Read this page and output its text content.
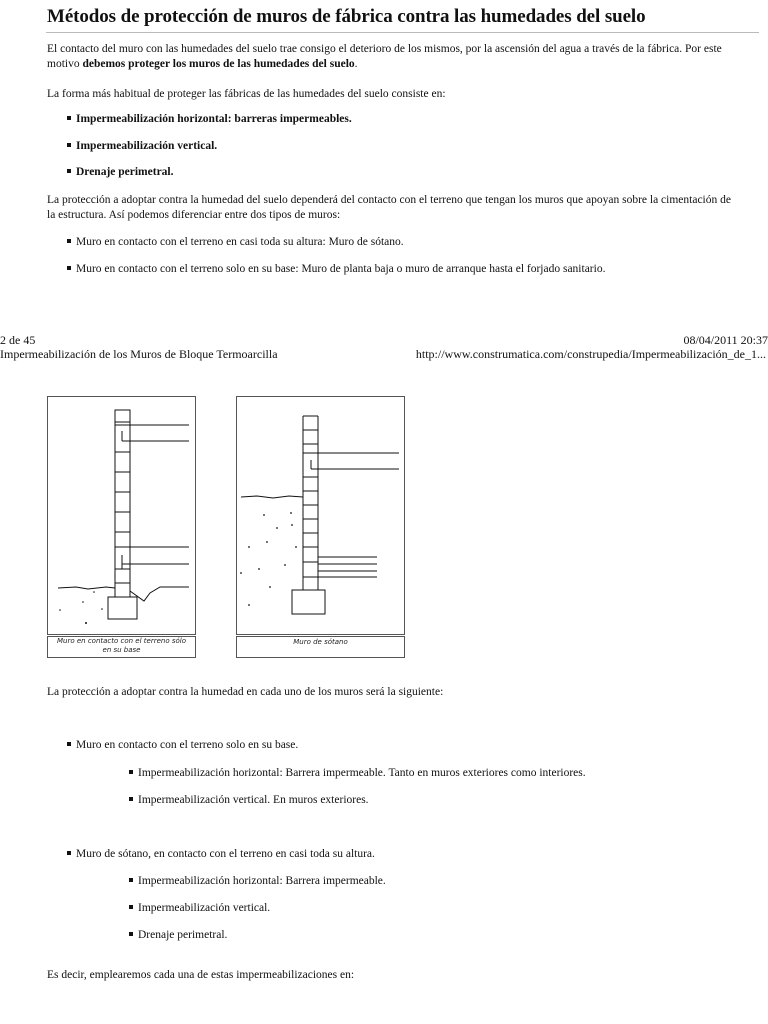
Métodos de protección de muros de fábrica contra las humedades del suelo

El contacto del muro con las humedades del suelo trae consigo el deterioro de los mismos, por la ascensión del agua a través de la fábrica. Por este motivo debemos proteger los muros de las humedades del suelo.

La forma más habitual de proteger las fábricas de las humedades del suelo consiste en:

Impermeabilización horizontal: barreras impermeables.
Impermeabilización vertical.
Drenaje perimetral.

La protección a adoptar contra la humedad del suelo dependerá del contacto con el terreno que tengan los muros que apoyan sobre la cimentación de la estructura. Así podemos diferenciar entre dos tipos de muros:

Muro en contacto con el terreno en casi toda su altura: Muro de sótano.
Muro en contacto con el terreno solo en su base: Muro de planta baja o muro de arranque hasta el forjado sanitario.
2 de 45	08/04/2011 20:37
Impermeabilización de los Muros de Bloque Termoarcilla	http://www.construmatica.com/construpedia/Impermeabilización_de_1...
Muro en contacto con el terreno sólo
en su base
Muro de sótano

La protección a adoptar contra la humedad en cada uno de los muros será la siguiente:

Muro en contacto con el terreno solo en su base.
Impermeabilización horizontal: Barrera impermeable. Tanto en muros exteriores como interiores.
Impermeabilización vertical. En muros exteriores.
Muro de sótano, en contacto con el terreno en casi toda su altura.
Impermeabilización horizontal: Barrera impermeable.
Impermeabilización vertical.
Drenaje perimetral.

Es decir, emplearemos cada una de estas impermeabilizaciones en:
